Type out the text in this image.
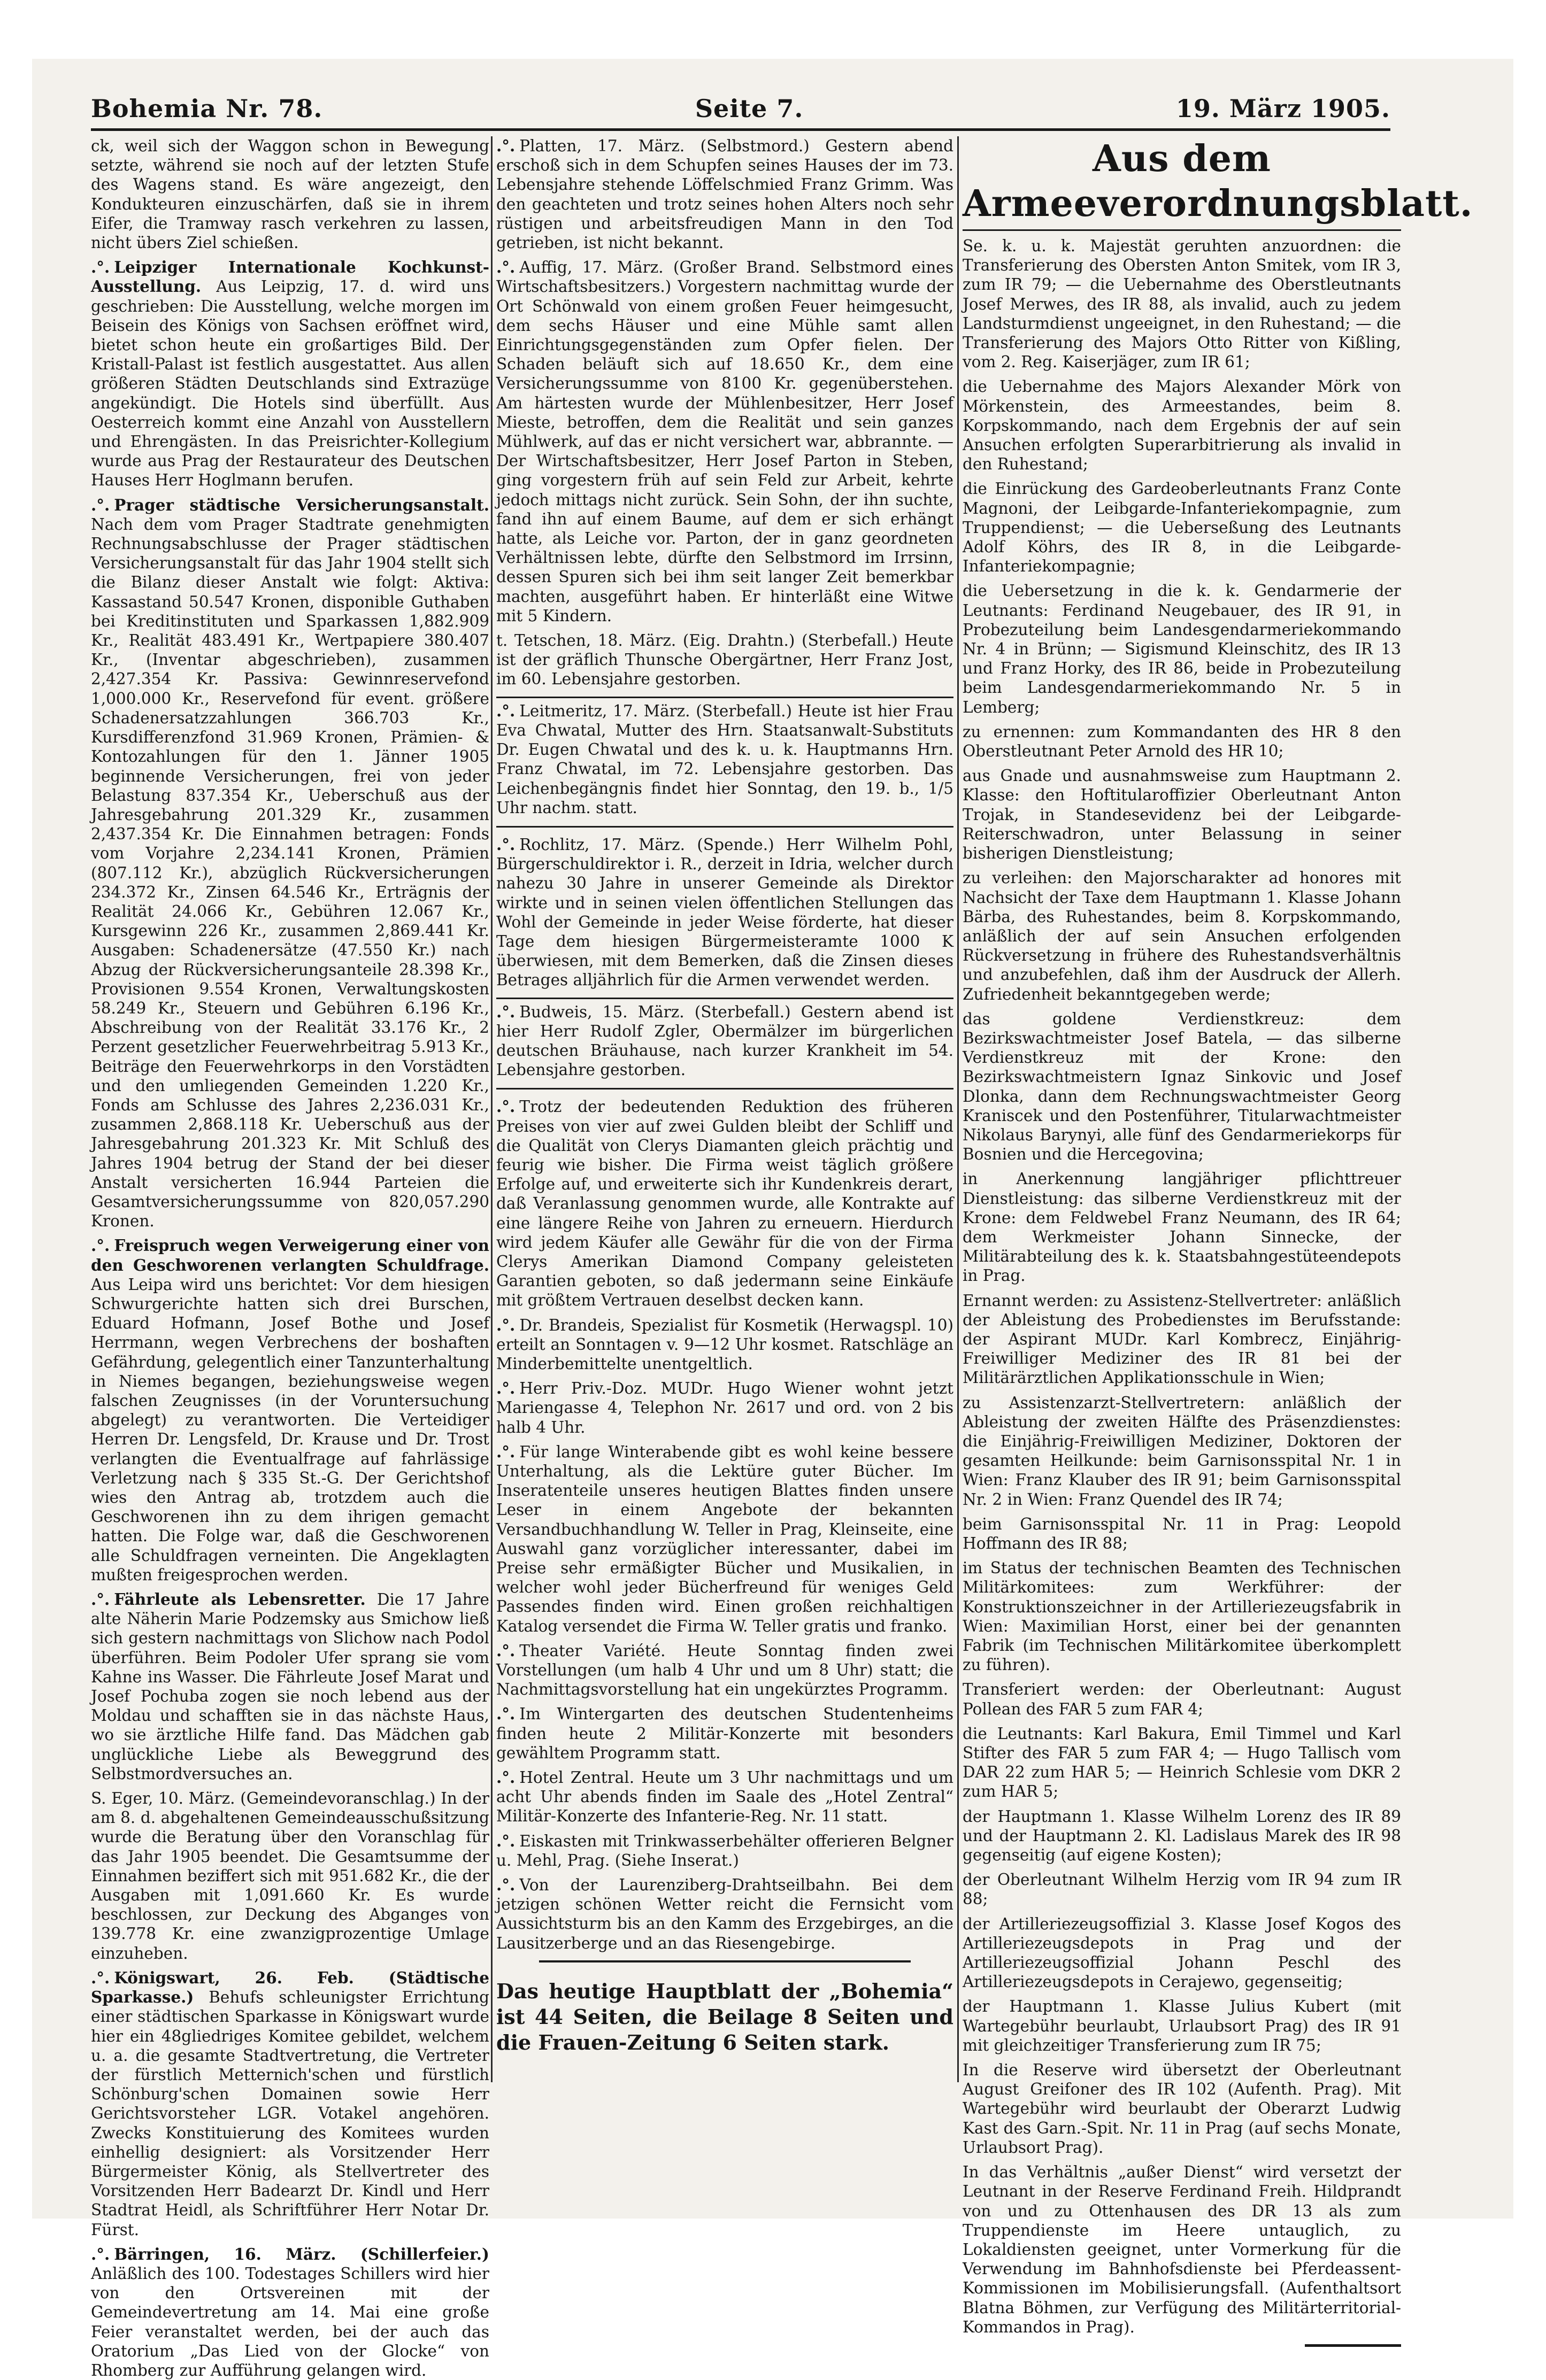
Bohemia Nr. 78.	Seite 7.	19. März 1905.

ck, weil sich der Waggon schon in Bewegung setzte, während sie noch auf der letzten Stufe des Wagens stand. Es wäre angezeigt, den Kondukteuren einzuschärfen, daß sie in ihrem Eifer, die Tramway rasch verkehren zu lassen, nicht übers Ziel schießen.

.°. Leipziger Internationale Kochkunst-Ausstellung. Aus Leipzig, 17. d. wird uns geschrieben: Die Ausstellung, welche morgen im Beisein des Königs von Sachsen eröffnet wird, bietet schon heute ein großartiges Bild. Der Kristall-Palast ist festlich ausgestattet. Aus allen größeren Städten Deutschlands sind Extrazüge angekündigt. Die Hotels sind überfüllt. Aus Oesterreich kommt eine Anzahl von Ausstellern und Ehrengästen. In das Preisrichter-Kollegium wurde aus Prag der Restaurateur des Deutschen Hauses Herr Hoglmann berufen.

.°. Prager städtische Versicherungsanstalt. Nach dem vom Prager Stadtrate genehmigten Rechnungsabschlusse der Prager städtischen Versicherungsanstalt für das Jahr 1904 stellt sich die Bilanz dieser Anstalt wie folgt: Aktiva: Kassastand 50.547 Kronen, disponible Guthaben bei Kreditinstituten und Sparkassen 1,882.909 Kr., Realität 483.491 Kr., Wertpapiere 380.407 Kr., (Inventar abgeschrieben), zusammen 2,427.354 Kr. Passiva: Gewinnreservefond 1,000.000 Kr., Reservefond für event. größere Schadenersatzzahlungen 366.703 Kr., Kursdifferenzfond 31.969 Kronen, Prämien- & Kontozahlungen für den 1. Jänner 1905 beginnende Versicherungen, frei von jeder Belastung 837.354 Kr., Ueberschuß aus der Jahresgebahrung 201.329 Kr., zusammen 2,437.354 Kr. Die Einnahmen betragen: Fonds vom Vorjahre 2,234.141 Kronen, Prämien (807.112 Kr.), abzüglich Rückversicherungen 234.372 Kr., Zinsen 64.546 Kr., Erträgnis der Realität 24.066 Kr., Gebühren 12.067 Kr., Kursgewinn 226 Kr., zusammen 2,869.441 Kr. Ausgaben: Schadenersätze (47.550 Kr.) nach Abzug der Rückversicherungsanteile 28.398 Kr., Provisionen 9.554 Kronen, Verwaltungskosten 58.249 Kr., Steuern und Gebühren 6.196 Kr., Abschreibung von der Realität 33.176 Kr., 2 Perzent gesetzlicher Feuerwehrbeitrag 5.913 Kr., Beiträge den Feuerwehrkorps in den Vorstädten und den umliegenden Gemeinden 1.220 Kr., Fonds am Schlusse des Jahres 2,236.031 Kr., zusammen 2,868.118 Kr. Ueberschuß aus der Jahresgebahrung 201.323 Kr. Mit Schluß des Jahres 1904 betrug der Stand der bei dieser Anstalt versicherten 16.944 Parteien die Gesamtversicherungssumme von 820,057.290 Kronen.

.°. Freispruch wegen Verweigerung einer von den Geschworenen verlangten Schuldfrage. Aus Leipa wird uns berichtet: Vor dem hiesigen Schwurgerichte hatten sich drei Burschen, Eduard Hofmann, Josef Bothe und Josef Herrmann, wegen Verbrechens der boshaften Gefährdung, gelegentlich einer Tanzunterhaltung in Niemes begangen, beziehungsweise wegen falschen Zeugnisses (in der Voruntersuchung abgelegt) zu verantworten. Die Verteidiger Herren Dr. Lengsfeld, Dr. Krause und Dr. Trost verlangten die Eventualfrage auf fahrlässige Verletzung nach § 335 St.-G. Der Gerichtshof wies den Antrag ab, trotzdem auch die Geschworenen ihn zu dem ihrigen gemacht hatten. Die Folge war, daß die Geschworenen alle Schuldfragen verneinten. Die Angeklagten mußten freigesprochen werden.

.°. Fährleute als Lebensretter. Die 17 Jahre alte Näherin Marie Podzemsky aus Smichow ließ sich gestern nachmittags von Slichow nach Podol überführen. Beim Podoler Ufer sprang sie vom Kahne ins Wasser. Die Fährleute Josef Marat und Josef Pochuba zogen sie noch lebend aus der Moldau und schafften sie in das nächste Haus, wo sie ärztliche Hilfe fand. Das Mädchen gab unglückliche Liebe als Beweggrund des Selbstmordversuches an.

S. Eger, 10. März. (Gemeindevoranschlag.) In der am 8. d. abgehaltenen Gemeindeausschußsitzung wurde die Beratung über den Voranschlag für das Jahr 1905 beendet. Die Gesamtsumme der Einnahmen beziffert sich mit 951.682 Kr., die der Ausgaben mit 1,091.660 Kr. Es wurde beschlossen, zur Deckung des Abganges von 139.778 Kr. eine zwanzigprozentige Umlage einzuheben.

.°. Königswart, 26. Feb. (Städtische Sparkasse.) Behufs schleunigster Errichtung einer städtischen Sparkasse in Königswart wurde hier ein 48gliedriges Komitee gebildet, welchem u. a. die gesamte Stadtvertretung, die Vertreter der fürstlich Metternich'schen und fürstlich Schönburg'schen Domainen sowie Herr Gerichtsvorsteher LGR. Votakel angehören. Zwecks Konstituierung des Komitees wurden einhellig designiert: als Vorsitzender Herr Bürgermeister König, als Stellvertreter des Vorsitzenden Herr Badearzt Dr. Kindl und Herr Stadtrat Heidl, als Schriftführer Herr Notar Dr. Fürst.

.°. Bärringen, 16. März. (Schillerfeier.) Anläßlich des 100. Todestages Schillers wird hier von den Ortsvereinen mit der Gemeindevertretung am 14. Mai eine große Feier veranstaltet werden, bei der auch das Oratorium „Das Lied von der Glocke“ von Rhomberg zur Aufführung gelangen wird.

.°. Platten, 17. März. (Selbstmord.) Gestern abend erschoß sich in dem Schupfen seines Hauses der im 73. Lebensjahre stehende Löffelschmied Franz Grimm. Was den geachteten und trotz seines hohen Alters noch sehr rüstigen und arbeitsfreudigen Mann in den Tod getrieben, ist nicht bekannt.

.°. Auffig, 17. März. (Großer Brand. Selbstmord eines Wirtschaftsbesitzers.) Vorgestern nachmittag wurde der Ort Schönwald von einem großen Feuer heimgesucht, dem sechs Häuser und eine Mühle samt allen Einrichtungsgegenständen zum Opfer fielen. Der Schaden beläuft sich auf 18.650 Kr., dem eine Versicherungssumme von 8100 Kr. gegenüberstehen. Am härtesten wurde der Mühlenbesitzer, Herr Josef Mieste, betroffen, dem die Realität und sein ganzes Mühlwerk, auf das er nicht versichert war, abbrannte. — Der Wirtschaftsbesitzer, Herr Josef Parton in Steben, ging vorgestern früh auf sein Feld zur Arbeit, kehrte jedoch mittags nicht zurück. Sein Sohn, der ihn suchte, fand ihn auf einem Baume, auf dem er sich erhängt hatte, als Leiche vor. Parton, der in ganz geordneten Verhältnissen lebte, dürfte den Selbstmord im Irrsinn, dessen Spuren sich bei ihm seit langer Zeit bemerkbar machten, ausgeführt haben. Er hinterläßt eine Witwe mit 5 Kindern.

t. Tetschen, 18. März. (Eig. Drahtn.) (Sterbefall.) Heute ist der gräflich Thunsche Obergärtner, Herr Franz Jost, im 60. Lebensjahre gestorben.

.°. Leitmeritz, 17. März. (Sterbefall.) Heute ist hier Frau Eva Chwatal, Mutter des Hrn. Staatsanwalt-Substituts Dr. Eugen Chwatal und des k. u. k. Hauptmanns Hrn. Franz Chwatal, im 72. Lebensjahre gestorben. Das Leichenbegängnis findet hier Sonntag, den 19. b., 1/5 Uhr nachm. statt.

.°. Rochlitz, 17. März. (Spende.) Herr Wilhelm Pohl, Bürgerschuldirektor i. R., derzeit in Idria, welcher durch nahezu 30 Jahre in unserer Gemeinde als Direktor wirkte und in seinen vielen öffentlichen Stellungen das Wohl der Gemeinde in jeder Weise förderte, hat dieser Tage dem hiesigen Bürgermeisteramte 1000 K überwiesen, mit dem Bemerken, daß die Zinsen dieses Betrages alljährlich für die Armen verwendet werden.

.°. Budweis, 15. März. (Sterbefall.) Gestern abend ist hier Herr Rudolf Zgler, Obermälzer im bürgerlichen deutschen Bräuhause, nach kurzer Krankheit im 54. Lebensjahre gestorben.

.°. Trotz der bedeutenden Reduktion des früheren Preises von vier auf zwei Gulden bleibt der Schliff und die Qualität von Clerys Diamanten gleich prächtig und feurig wie bisher. Die Firma weist täglich größere Erfolge auf, und erweiterte sich ihr Kundenkreis derart, daß Veranlassung genommen wurde, alle Kontrakte auf eine längere Reihe von Jahren zu erneuern. Hierdurch wird jedem Käufer alle Gewähr für die von der Firma Clerys Amerikan Diamond Company geleisteten Garantien geboten, so daß jedermann seine Einkäufe mit größtem Vertrauen deselbst decken kann.

.°. Dr. Brandeis, Spezialist für Kosmetik (Herwagspl. 10) erteilt an Sonntagen v. 9—12 Uhr kosmet. Ratschläge an Minderbemittelte unentgeltlich.

.°. Herr Priv.-Doz. MUDr. Hugo Wiener wohnt jetzt Mariengasse 4, Telephon Nr. 2617 und ord. von 2 bis halb 4 Uhr.

.°. Für lange Winterabende gibt es wohl keine bessere Unterhaltung, als die Lektüre guter Bücher. Im Inseratenteile unseres heutigen Blattes finden unsere Leser in einem Angebote der bekannten Versandbuchhandlung W. Teller in Prag, Kleinseite, eine Auswahl ganz vorzüglicher interessanter, dabei im Preise sehr ermäßigter Bücher und Musikalien, in welcher wohl jeder Bücherfreund für weniges Geld Passendes finden wird. Einen großen reichhaltigen Katalog versendet die Firma W. Teller gratis und franko.

.°. Theater Variété. Heute Sonntag finden zwei Vorstellungen (um halb 4 Uhr und um 8 Uhr) statt; die Nachmittagsvorstellung hat ein ungekürztes Programm.

.°. Im Wintergarten des deutschen Studentenheims finden heute 2 Militär-Konzerte mit besonders gewähltem Programm statt.

.°. Hotel Zentral. Heute um 3 Uhr nachmittags und um acht Uhr abends finden im Saale des „Hotel Zentral“ Militär-Konzerte des Infanterie-Reg. Nr. 11 statt.

.°. Eiskasten mit Trinkwasserbehälter offerieren Belgner u. Mehl, Prag. (Siehe Inserat.)

.°. Von der Laurenziberg-Drahtseilbahn. Bei dem jetzigen schönen Wetter reicht die Fernsicht vom Aussichtsturm bis an den Kamm des Erzgebirges, an die Lausitzerberge und an das Riesengebirge.

Das heutige Hauptblatt der „Bohemia“ ist 44 Seiten, die Beilage 8 Seiten und die Frauen-Zeitung 6 Seiten stark.

Aus dem Armeeverordnungsblatt.

Se. k. u. k. Majestät geruhten anzuordnen: die Transferierung des Obersten Anton Smitek, vom IR 3, zum IR 79; — die Uebernahme des Oberstleutnants Josef Merwes, des IR 88, als invalid, auch zu jedem Landsturmdienst ungeeignet, in den Ruhestand; — die Transferierung des Majors Otto Ritter von Kißling, vom 2. Reg. Kaiserjäger, zum IR 61;

die Uebernahme des Majors Alexander Mörk von Mörkenstein, des Armeestandes, beim 8. Korpskommando, nach dem Ergebnis der auf sein Ansuchen erfolgten Superarbitrierung als invalid in den Ruhestand;

die Einrückung des Gardeoberleutnants Franz Conte Magnoni, der Leibgarde-Infanteriekompagnie, zum Truppendienst; — die Ueberseßung des Leutnants Adolf Köhrs, des IR 8, in die Leibgarde-Infanteriekompagnie;

die Uebersetzung in die k. k. Gendarmerie der Leutnants: Ferdinand Neugebauer, des IR 91, in Probezuteilung beim Landesgendarmeriekommando Nr. 4 in Brünn; — Sigismund Kleinschitz, des IR 13 und Franz Horky, des IR 86, beide in Probezuteilung beim Landesgendarmeriekommando Nr. 5 in Lemberg;

zu ernennen: zum Kommandanten des HR 8 den Oberstleutnant Peter Arnold des HR 10;

aus Gnade und ausnahmsweise zum Hauptmann 2. Klasse: den Hoftitularoffizier Oberleutnant Anton Trojak, in Standesevidenz bei der Leibgarde-Reiterschwadron, unter Belassung in seiner bisherigen Dienstleistung;

zu verleihen: den Majorscharakter ad honores mit Nachsicht der Taxe dem Hauptmann 1. Klasse Johann Bärba, des Ruhestandes, beim 8. Korpskommando, anläßlich der auf sein Ansuchen erfolgenden Rückversetzung in frühere des Ruhestandsverhältnis und anzubefehlen, daß ihm der Ausdruck der Allerh. Zufriedenheit bekanntgegeben werde;

das goldene Verdienstkreuz: dem Bezirkswachtmeister Josef Batela, — das silberne Verdienstkreuz mit der Krone: den Bezirkswachtmeistern Ignaz Sinkovic und Josef Dlonka, dann dem Rechnungswachtmeister Georg Kraniscek und den Postenführer, Titularwachtmeister Nikolaus Barynyi, alle fünf des Gendarmeriekorps für Bosnien und die Hercegovina;

in Anerkennung langjähriger pflichttreuer Dienstleistung: das silberne Verdienstkreuz mit der Krone: dem Feldwebel Franz Neumann, des IR 64; dem Werkmeister Johann Sinnecke, der Militärabteilung des k. k. Staatsbahngestüteendepots in Prag.

Ernannt werden: zu Assistenz-Stellvertreter: anläßlich der Ableistung des Probedienstes im Berufsstande: der Aspirant MUDr. Karl Kombrecz, Einjährig-Freiwilliger Mediziner des IR 81 bei der Militärärztlichen Applikationsschule in Wien;

zu Assistenzarzt-Stellvertretern: anläßlich der Ableistung der zweiten Hälfte des Präsenzdienstes: die Einjährig-Freiwilligen Mediziner, Doktoren der gesamten Heilkunde: beim Garnisonsspital Nr. 1 in Wien: Franz Klauber des IR 91; beim Garnisonsspital Nr. 2 in Wien: Franz Quendel des IR 74;

beim Garnisonsspital Nr. 11 in Prag: Leopold Hoffmann des IR 88;

im Status der technischen Beamten des Technischen Militärkomitees: zum Werkführer: der Konstruktionszeichner in der Artilleriezeugsfabrik in Wien: Maximilian Horst, einer bei der genannten Fabrik (im Technischen Militärkomitee überkomplett zu führen).

Transferiert werden: der Oberleutnant: August Pollean des FAR 5 zum FAR 4;

die Leutnants: Karl Bakura, Emil Timmel und Karl Stifter des FAR 5 zum FAR 4; — Hugo Tallisch vom DAR 22 zum HAR 5; — Heinrich Schlesie vom DKR 2 zum HAR 5;

der Hauptmann 1. Klasse Wilhelm Lorenz des IR 89 und der Hauptmann 2. Kl. Ladislaus Marek des IR 98 gegenseitig (auf eigene Kosten);

der Oberleutnant Wilhelm Herzig vom IR 94 zum IR 88;

der Artilleriezeugsoffizial 3. Klasse Josef Kogos des Artilleriezeugsdepots in Prag und der Artilleriezeugsoffizial Johann Peschl des Artilleriezeugsdepots in Cerajewo, gegenseitig;

der Hauptmann 1. Klasse Julius Kubert (mit Wartegebühr beurlaubt, Urlaubsort Prag) des IR 91 mit gleichzeitiger Transferierung zum IR 75;

In die Reserve wird übersetzt der Oberleutnant August Greifoner des IR 102 (Aufenth. Prag). Mit Wartegebühr wird beurlaubt der Oberarzt Ludwig Kast des Garn.-Spit. Nr. 11 in Prag (auf sechs Monate, Urlaubsort Prag).

In das Verhältnis „außer Dienst“ wird versetzt der Leutnant in der Reserve Ferdinand Freih. Hildprandt von und zu Ottenhausen des DR 13 als zum Truppendienste im Heere untauglich, zu Lokaldiensten geeignet, unter Vormerkung für die Verwendung im Bahnhofsdienste bei Pferdeassent-Kommissionen im Mobilisierungsfall. (Aufenthaltsort Blatna Böhmen, zur Verfügung des Militärterritorial-Kommandos in Prag).
